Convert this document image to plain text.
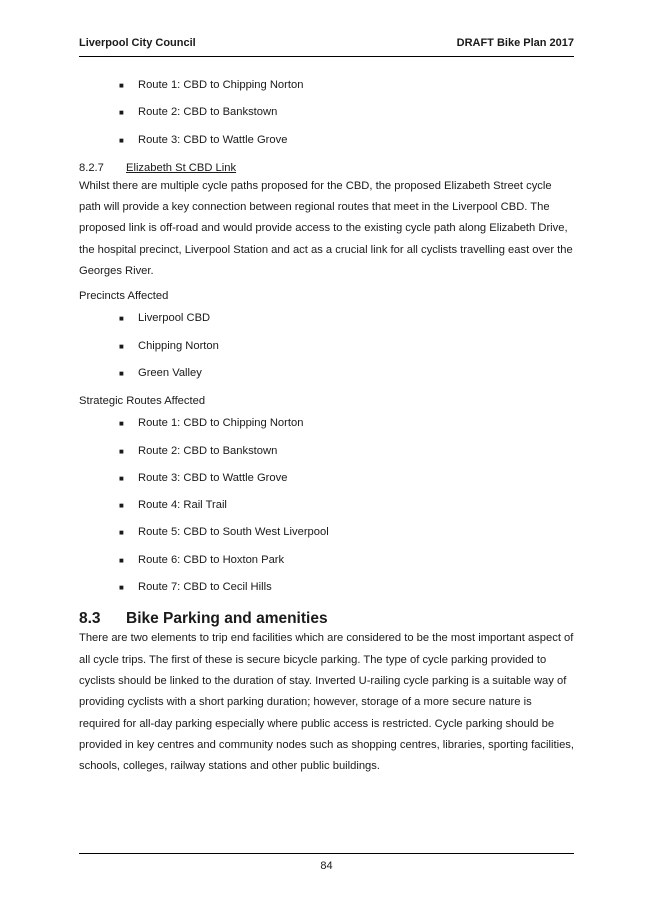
Liverpool City Council	DRAFT Bike Plan 2017
■ Route 1: CBD to Chipping Norton
■ Route 2: CBD to Bankstown
■ Route 3: CBD to Wattle Grove
8.2.7 Elizabeth St CBD Link

Whilst there are multiple cycle paths proposed for the CBD, the proposed Elizabeth Street cycle path will provide a key connection between regional routes that meet in the Liverpool CBD. The proposed link is off-road and would provide access to the existing cycle path along Elizabeth Drive, the hospital precinct, Liverpool Station and act as a crucial link for all cyclists travelling east over the Georges River.

Precincts Affected
■ Liverpool CBD
■ Chipping Norton
■ Green Valley
Strategic Routes Affected
■ Route 1: CBD to Chipping Norton
■ Route 2: CBD to Bankstown
■ Route 3: CBD to Wattle Grove
■ Route 4: Rail Trail
■ Route 5: CBD to South West Liverpool
■ Route 6: CBD to Hoxton Park
■ Route 7: CBD to Cecil Hills
8.3 Bike Parking and amenities

There are two elements to trip end facilities which are considered to be the most important aspect of all cycle trips. The first of these is secure bicycle parking. The type of cycle parking provided to cyclists should be linked to the duration of stay. Inverted U-railing cycle parking is a suitable way of providing cyclists with a short parking duration; however, storage of a more secure nature is required for all-day parking especially where public access is restricted. Cycle parking should be provided in key centres and community nodes such as shopping centres, libraries, sporting facilities, schools, colleges, railway stations and other public buildings.

84
